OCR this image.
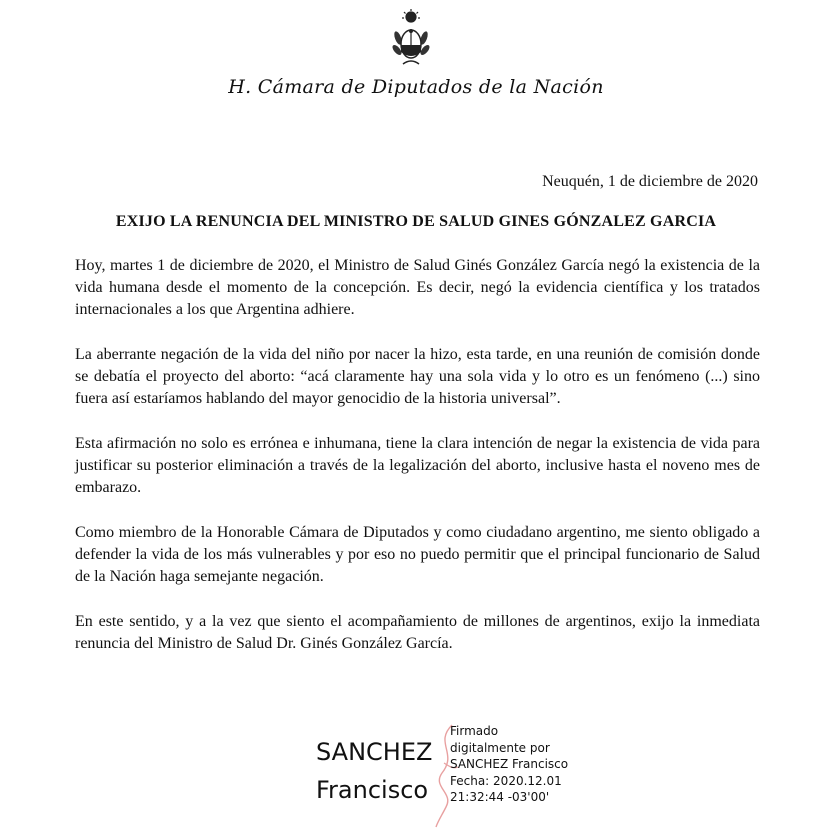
H. Cámara de Diputados de la Nación
Neuquén, 1 de diciembre de 2020
EXIJO LA RENUNCIA DEL MINISTRO DE SALUD GINES GÓNZALEZ GARCIA

Hoy, martes 1 de diciembre de 2020, el Ministro de Salud Ginés González García negó la existencia de la vida humana desde el momento de la concepción. Es decir, negó la evidencia científica y los tratados internacionales a los que Argentina adhiere.

La aberrante negación de la vida del niño por nacer la hizo, esta tarde, en una reunión de comisión donde se debatía el proyecto del aborto: “acá claramente hay una sola vida y lo otro es un fenómeno (...) sino fuera así estaríamos hablando del mayor genocidio de la historia universal”.

Esta afirmación no solo es errónea e inhumana, tiene la clara intención de negar la existencia de vida para justificar su posterior eliminación a través de la legalización del aborto, inclusive hasta el noveno mes de embarazo.

Como miembro de la Honorable Cámara de Diputados y como ciudadano argentino, me siento obligado a defender la vida de los más vulnerables y por eso no puedo permitir que el principal funcionario de Salud de la Nación haga semejante negación.

En este sentido, y a la vez que siento el acompañamiento de millones de argentinos, exijo la inmediata renuncia del Ministro de Salud Dr. Ginés González García.

SANCHEZ
Francisco
Firmado
digitalmente por
SANCHEZ Francisco
Fecha: 2020.12.01
21:32:44 -03'00'
